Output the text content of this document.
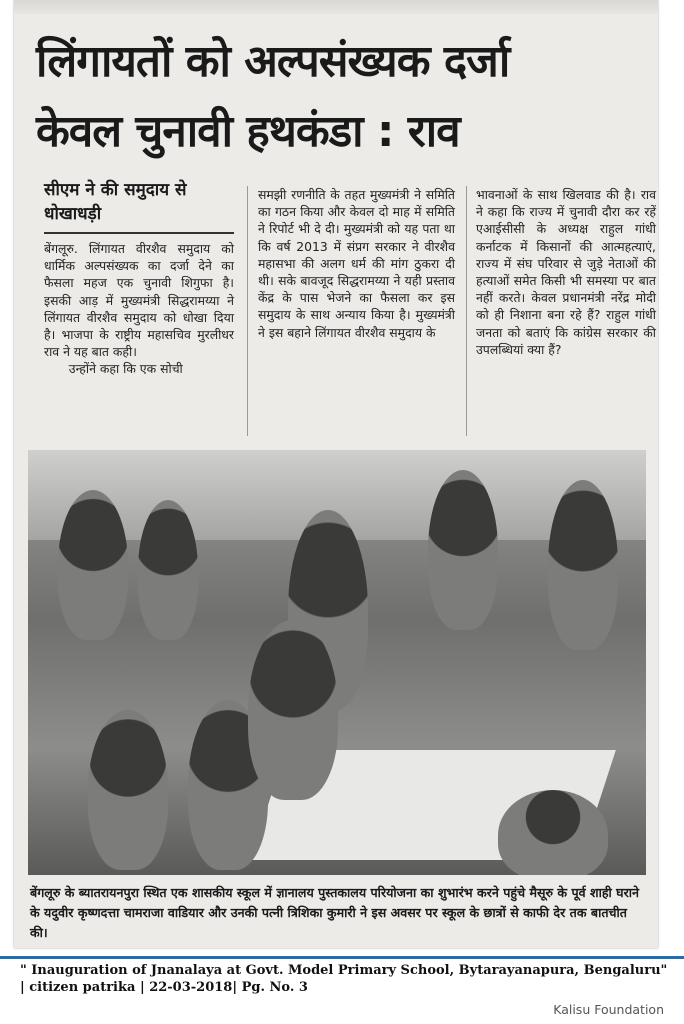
लिंगायतों को अल्पसंख्यक दर्जा
केवल चुनावी हथकंडा : राव
सीएम ने की समुदाय से धोखाधड़ी

बेंगलूरु. लिंगायत वीरशैव समुदाय को धार्मिक अल्पसंख्यक का दर्जा देने का फैसला महज एक चुनावी शिगुफा है। इसकी आड़ में मुख्यमंत्री सिद्धरामय्या ने लिंगायत वीरशैव समुदाय को धोखा दिया है। भाजपा के राष्ट्रीय महासचिव मुरलीधर राव ने यह बात कही।

उन्होंने कहा कि एक सोची

समझी रणनीति के तहत मुख्यमंत्री ने समिति का गठन किया और केवल दो माह में समिति ने रिपोर्ट भी दे दी। मुख्यमंत्री को यह पता था कि वर्ष 2013 में संप्रग सरकार ने वीरशैव महासभा की अलग धर्म की मांग ठुकरा दी थी। सके बावजूद सिद्धरामय्या ने यही प्रस्ताव केंद्र के पास भेजने का फैसला कर इस समुदाय के साथ अन्याय किया है। मुख्यमंत्री ने इस बहाने लिंगायत वीरशैव समुदाय के

भावनाओं के साथ खिलवाड की है। राव ने कहा कि राज्य में चुनावी दौरा कर रहें एआईसीसी के अध्यक्ष राहुल गांधी कर्नाटक में किसानों की आत्महत्याएं, राज्य में संघ परिवार से जुड़े नेताओं की हत्याओं समेत किसी भी समस्या पर बात नहीं करते। केवल प्रधानमंत्री नरेंद्र मोदी को ही निशाना बना रहे हैं? राहुल गांधी जनता को बताएं कि कांग्रेस सरकार की उपलब्धियां क्या हैं?

बेंगलूरु के ब्यातरायनपुरा स्थित एक शासकीय स्कूल में ज्ञानालय पुस्तकालय परियोजना का शुभारंभ करने पहुंचे मैसूरु के पूर्व शाही घराने के यदुवीर कृष्णदत्ता चामराजा वाडियार और उनकी पत्नी त्रिशिका कुमारी ने इस अवसर पर स्कूल के छात्रों से काफी देर तक बातचीत की।
" Inauguration of Jnanalaya at Govt. Model Primary School, Bytarayanapura, Bengaluru"
| citizen patrika | 22-03-2018| Pg. No. 3
Kalisu Foundation
